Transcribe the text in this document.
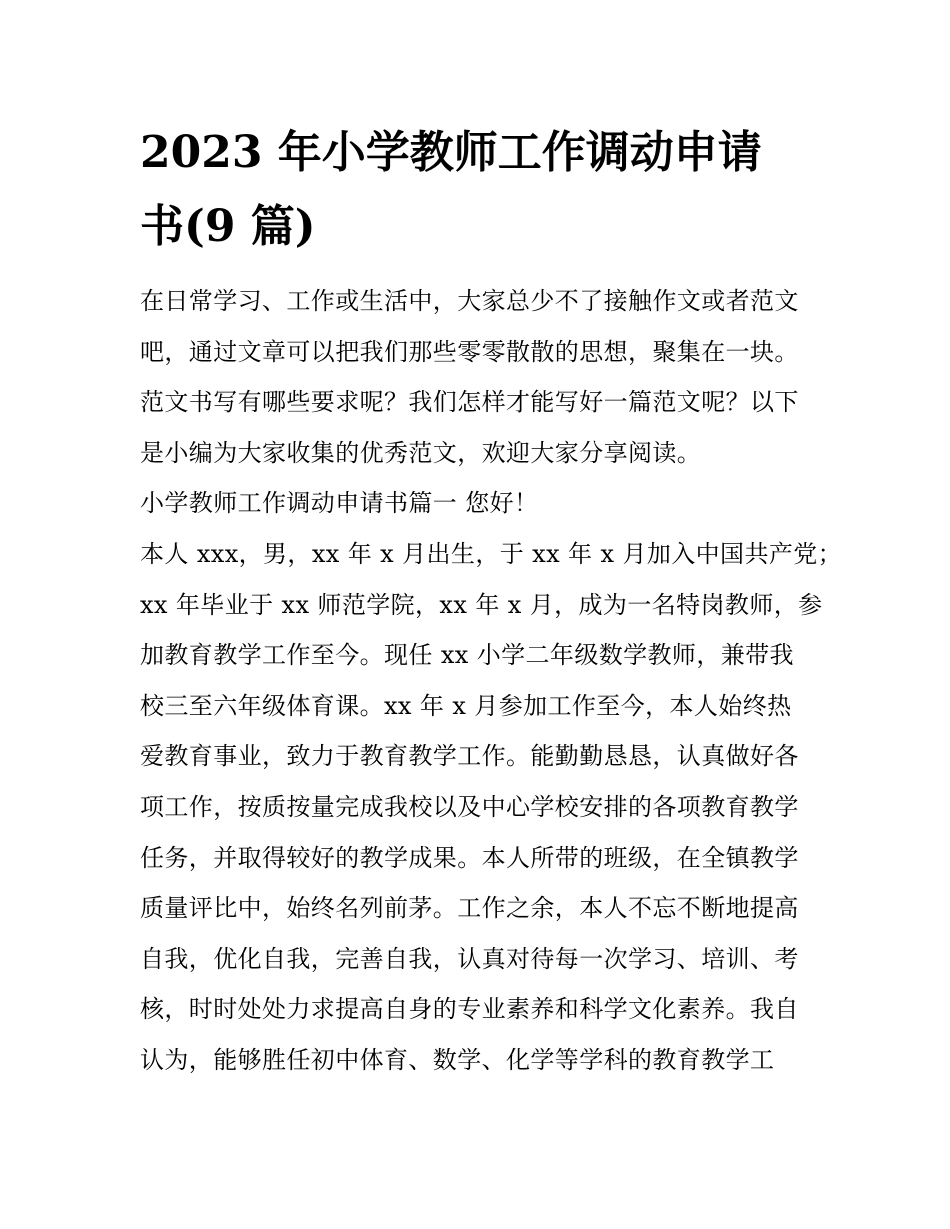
2023 年小学教师工作调动申请
书(9 篇)
在日常学习、工作或生活中，大家总少不了接触作文或者范文
吧，通过文章可以把我们那些零零散散的思想，聚集在一块。
范文书写有哪些要求呢？我们怎样才能写好一篇范文呢？以下
是小编为大家收集的优秀范文，欢迎大家分享阅读。
小学教师工作调动申请书篇一 您好！
本人 xxx，男，xx 年 x 月出生，于 xx 年 x 月加入中国共产党；
xx 年毕业于 xx 师范学院，xx 年 x 月，成为一名特岗教师，参
加教育教学工作至今。现任 xx 小学二年级数学教师，兼带我
校三至六年级体育课。xx 年 x 月参加工作至今，本人始终热
爱教育事业，致力于教育教学工作。能勤勤恳恳，认真做好各
项工作，按质按量完成我校以及中心学校安排的各项教育教学
任务，并取得较好的教学成果。本人所带的班级，在全镇教学
质量评比中，始终名列前茅。工作之余，本人不忘不断地提高
自我，优化自我，完善自我，认真对待每一次学习、培训、考
核，时时处处力求提高自身的专业素养和科学文化素养。我自
认为，能够胜任初中体育、数学、化学等学科的教育教学工
